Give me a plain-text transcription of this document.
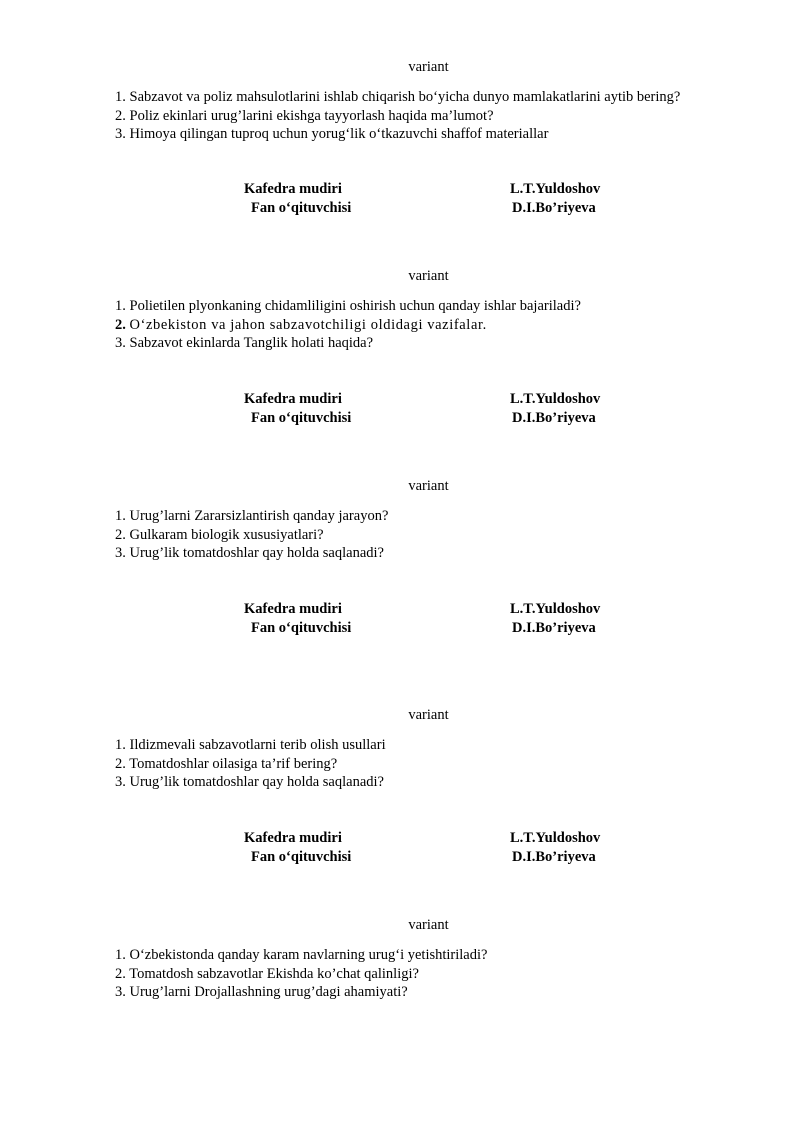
variant

1. Sabzavot va poliz mahsulotlarini ishlab chiqarish bo‘yicha dunyo mamlakatlarini aytib bering?

2. Poliz ekinlari urug’larini ekishga tayyorlash haqida ma’lumot?

3. Himoya qilingan tuproq uchun yorug‘lik o‘tkazuvchi shaffof materiallar

Kafedra mudiri	L.T.Yuldoshov
Fan o‘qituvchisi	D.I.Bo’riyeva
variant

1. Polietilen plyonkaning chidamliligini oshirish uchun qanday ishlar bajariladi?

2. O‘zbekiston va jahon sabzavotchiligi oldidagi vazifalar.

3. Sabzavot ekinlarda Tanglik holati haqida?

Kafedra mudiri	L.T.Yuldoshov
Fan o‘qituvchisi	D.I.Bo’riyeva
variant

1. Urug’larni Zararsizlantirish qanday jarayon?

2. Gulkaram biologik xususiyatlari?

3. Urug’lik tomatdoshlar qay holda saqlanadi?

Kafedra mudiri	L.T.Yuldoshov
Fan o‘qituvchisi	D.I.Bo’riyeva
variant

1. Ildizmevali sabzavotlarni terib olish usullari

2. Tomatdoshlar oilasiga ta’rif bering?

3. Urug’lik tomatdoshlar qay holda saqlanadi?

Kafedra mudiri	L.T.Yuldoshov
Fan o‘qituvchisi	D.I.Bo’riyeva
variant

1. O‘zbekistonda qanday karam navlarning urug‘i yetishtiriladi?

2. Tomatdosh sabzavotlar Ekishda ko’chat qalinligi?

3. Urug’larni Drojallashning urug’dagi ahamiyati?
